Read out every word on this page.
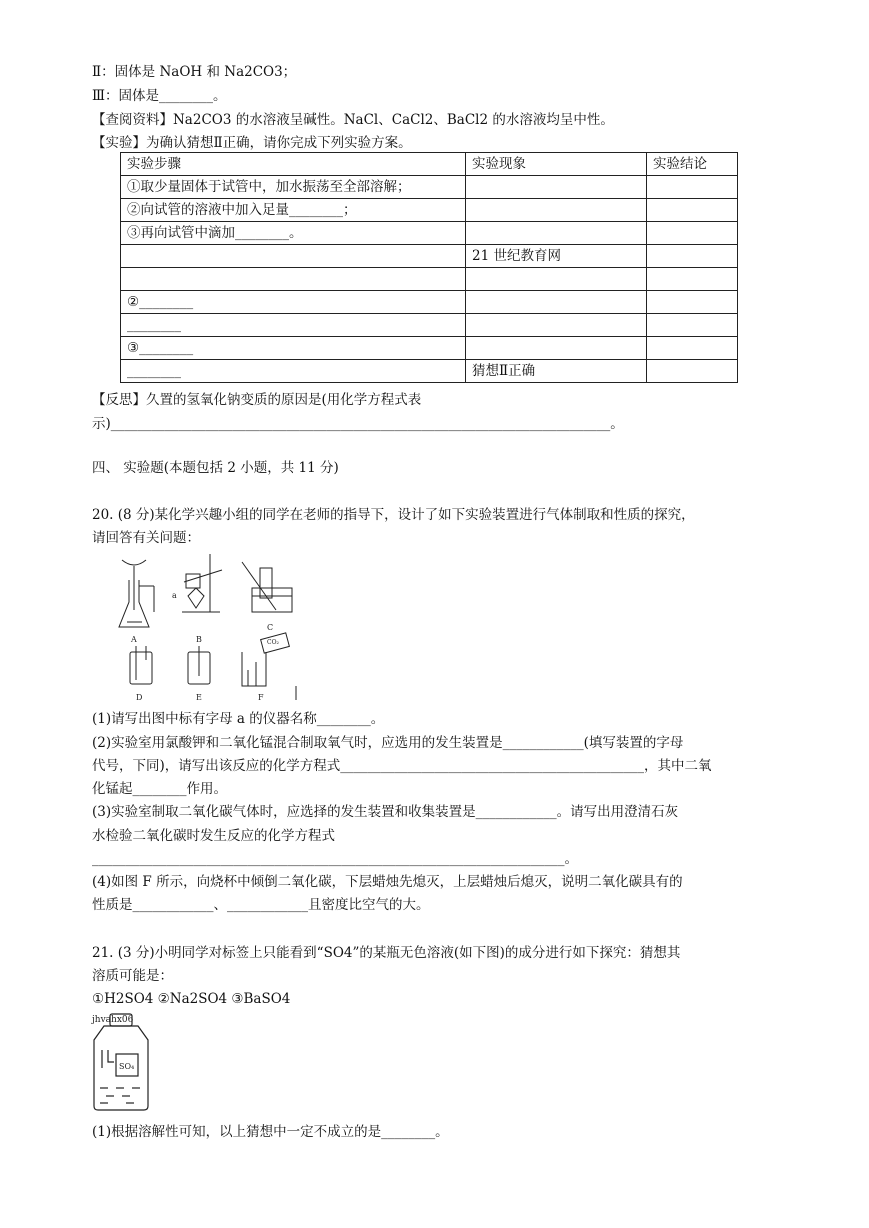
Ⅱ：固体是 NaOH 和 Na2CO3；
Ⅲ：固体是________。
【查阅资料】Na2CO3 的水溶液呈碱性。NaCl、CaCl2、BaCl2 的水溶液均呈中性。
【实验】为确认猜想Ⅱ正确，请你完成下列实验方案。
实验步骤	实验现象	实验结论
①取少量固体于试管中，加水振荡至全部溶解；		
②向试管的溶液中加入足量________；		
③再向试管中滴加________。		
	21 世纪教育网	

②________		
________		
③________		
________	猜想Ⅱ正确	
【反思】久置的氢氧化钠变质的原因是(用化学方程式表
示)__________________________________________________________________________。
四、 实验题(本题包括 2 小题，共 11 分)
20. (8 分)某化学兴趣小组的同学在老师的指导下，设计了如下实验装置进行气体制取和性质的探究，
请回答有关问题：
A
a
B
C
D	E
CO₂
F
(1)请写出图中标有字母 a 的仪器名称________。
(2)实验室用氯酸钾和二氧化锰混合制取氧气时，应选用的发生装置是____________(填写装置的字母
代号，下同)，请写出该反应的化学方程式_____________________________________________，其中二氧
化锰起________作用。
(3)实验室制取二氧化碳气体时，应选择的发生装置和收集装置是____________。请写出用澄清石灰
水检验二氧化碳时发生反应的化学方程式
______________________________________________________________________。
(4)如图 F 所示，向烧杯中倾倒二氧化碳，下层蜡烛先熄灭，上层蜡烛后熄灭，说明二氧化碳具有的
性质是____________、____________且密度比空气的大。
21. (3 分)小明同学对标签上只能看到“SO4”的某瓶无色溶液(如下图)的成分进行如下探究：猜想其
溶质可能是：
①H2SO4 ②Na2SO4 ③BaSO4
jhvahx06
SO₄
(1)根据溶解性可知，以上猜想中一定不成立的是________。
